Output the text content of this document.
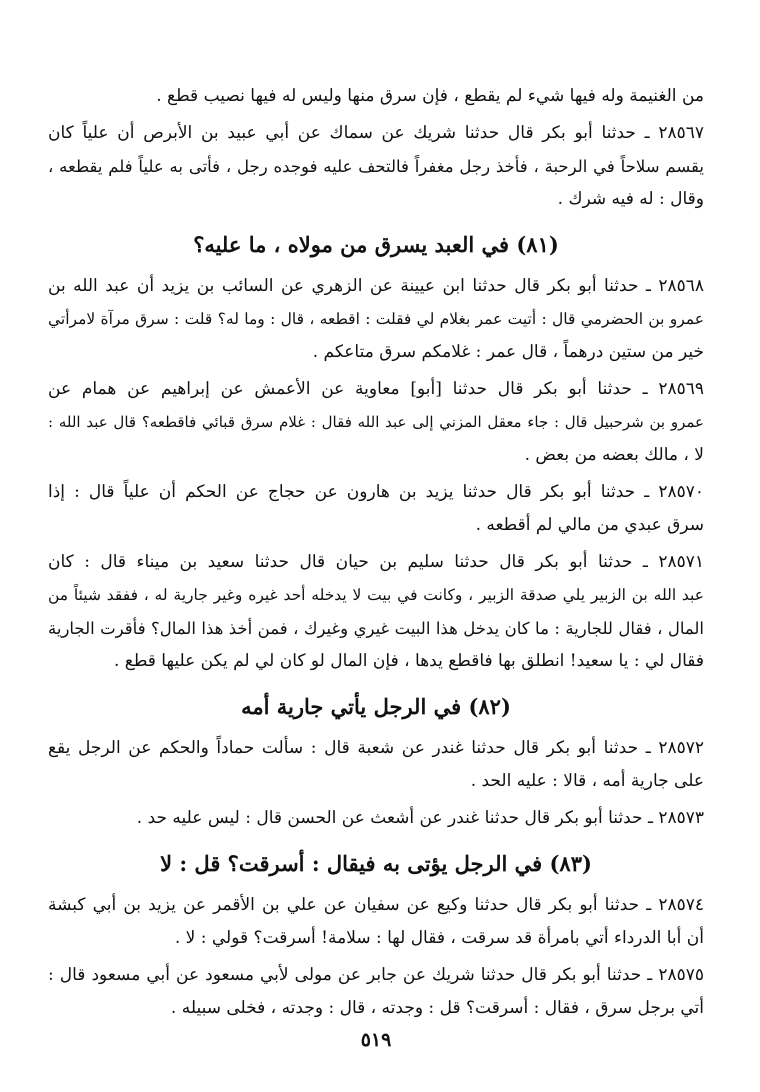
من الغنيمة وله فيها شيء لم يقطع ، فإن سرق منها وليس له فيها نصيب قطع .
٢٨٥٦٧ ـ حدثنا أبو بكر قال حدثنا شريك عن سماك عن أبي عبيد بن الأبرص أن علياً كان
يقسم سلاحاً في الرحبة ، فأخذ رجل مغفراً فالتحف عليه فوجده رجل ، فأتى به علياً فلم يقطعه ،
وقال : له فيه شرك .
(٨١) في العبد يسرق من مولاه ، ما عليه؟
٢٨٥٦٨ ـ حدثنا أبو بكر قال حدثنا ابن عيينة عن الزهري عن السائب بن يزيد أن عبد الله بن
عمرو بن الحضرمي قال : أتيت عمر بغلام لي فقلت : اقطعه ، قال : وما له؟ قلت : سرق مرآة لامرأتي
خير من ستين درهماً ، قال عمر : غلامكم سرق متاعكم .
٢٨٥٦٩ ـ حدثنا أبو بكر قال حدثنا [أبو] معاوية عن الأعمش عن إبراهيم عن همام عن
عمرو بن شرحبيل قال : جاء معقل المزني إلى عبد الله فقال : غلام سرق قبائي فاقطعه؟ قال عبد الله :
لا ، مالك بعضه من بعض .
٢٨٥٧٠ ـ حدثنا أبو بكر قال حدثنا يزيد بن هارون عن حجاج عن الحكم أن علياً قال : إذا
سرق عبدي من مالي لم أقطعه .
٢٨٥٧١ ـ حدثنا أبو بكر قال حدثنا سليم بن حيان قال حدثنا سعيد بن ميناء قال : كان
عبد الله بن الزبير يلي صدقة الزبير ، وكانت في بيت لا يدخله أحد غيره وغير جارية له ، ففقد شيئاً من
المال ، فقال للجارية : ما كان يدخل هذا البيت غيري وغيرك ، فمن أخذ هذا المال؟ فأقرت الجارية
فقال لي : يا سعيد! انطلق بها فاقطع يدها ، فإن المال لو كان لي لم يكن عليها قطع .
(٨٢) في الرجل يأتي جارية أمه
٢٨٥٧٢ ـ حدثنا أبو بكر قال حدثنا غندر عن شعبة قال : سألت حماداً والحكم عن الرجل يقع
على جارية أمه ، قالا : عليه الحد .
٢٨٥٧٣ ـ حدثنا أبو بكر قال حدثنا غندر عن أشعث عن الحسن قال : ليس عليه حد .
(٨٣) في الرجل يؤتى به فيقال : أسرقت؟ قل : لا
٢٨٥٧٤ ـ حدثنا أبو بكر قال حدثنا وكيع عن سفيان عن علي بن الأقمر عن يزيد بن أبي كبشة
أن أبا الدرداء أتي بامرأة قد سرقت ، فقال لها : سلامة! أسرقت؟ قولي : لا .
٢٨٥٧٥ ـ حدثنا أبو بكر قال حدثنا شريك عن جابر عن مولى لأبي مسعود عن أبي مسعود قال :
أتي برجل سرق ، فقال : أسرقت؟ قل : وجدته ، قال : وجدته ، فخلى سبيله .
٥١٩
